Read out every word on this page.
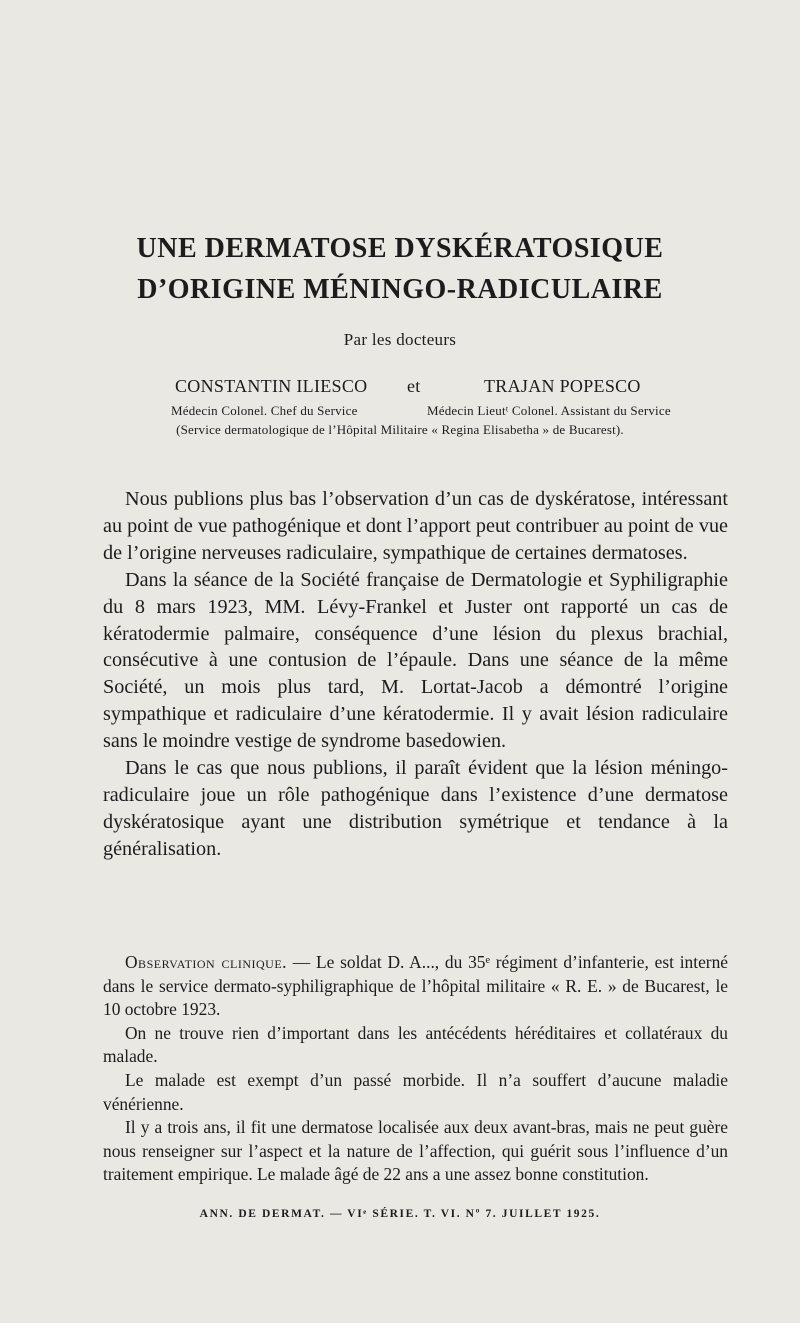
UNE DERMATOSE DYSKÉRATOSIQUE
D’ORIGINE MÉNINGO-RADICULAIRE
Par les docteurs
CONSTANTIN ILIESCO et	TRAJAN POPESCO
Médecin Colonel. Chef du Service	Médecin Lieutᵗ Colonel. Assistant du Service
(Service dermatologique de l’Hôpital Militaire « Regina Elisabetha » de Bucarest).

Nous publions plus bas l’observation d’un cas de dyskératose, intéressant au point de vue pathogénique et dont l’apport peut contribuer au point de vue de l’origine nerveuses radiculaire, sympathique de certaines dermatoses.

Dans la séance de la Société française de Dermatologie et Syphiligraphie du 8 mars 1923, MM. Lévy-Frankel et Juster ont rapporté un cas de kératodermie palmaire, conséquence d’une lésion du plexus brachial, consécutive à une contusion de l’épaule. Dans une séance de la même Société, un mois plus tard, M. Lortat-Jacob a démontré l’origine sympathique et radiculaire d’une kératodermie. Il y avait lésion radiculaire sans le moindre vestige de syndrome basedowien.

Dans le cas que nous publions, il paraît évident que la lésion méningo-radiculaire joue un rôle pathogénique dans l’existence d’une dermatose dyskératosique ayant une distribution symétrique et tendance à la généralisation.

Observation clinique. — Le soldat D. A..., du 35ᵉ régiment d’infanterie, est interné dans le service dermato-syphiligraphique de l’hôpital militaire « R. E. » de Bucarest, le 10 octobre 1923.

On ne trouve rien d’important dans les antécédents héréditaires et collatéraux du malade.

Le malade est exempt d’un passé morbide. Il n’a souffert d’aucune maladie vénérienne.

Il y a trois ans, il fit une dermatose localisée aux deux avant-bras, mais ne peut guère nous renseigner sur l’aspect et la nature de l’affection, qui guérit sous l’influence d’un traitement empirique. Le malade âgé de 22 ans a une assez bonne constitution.

ANN. DE DERMAT. — VIᵉ SÉRIE. T. VI. Nº 7. JUILLET 1925.
